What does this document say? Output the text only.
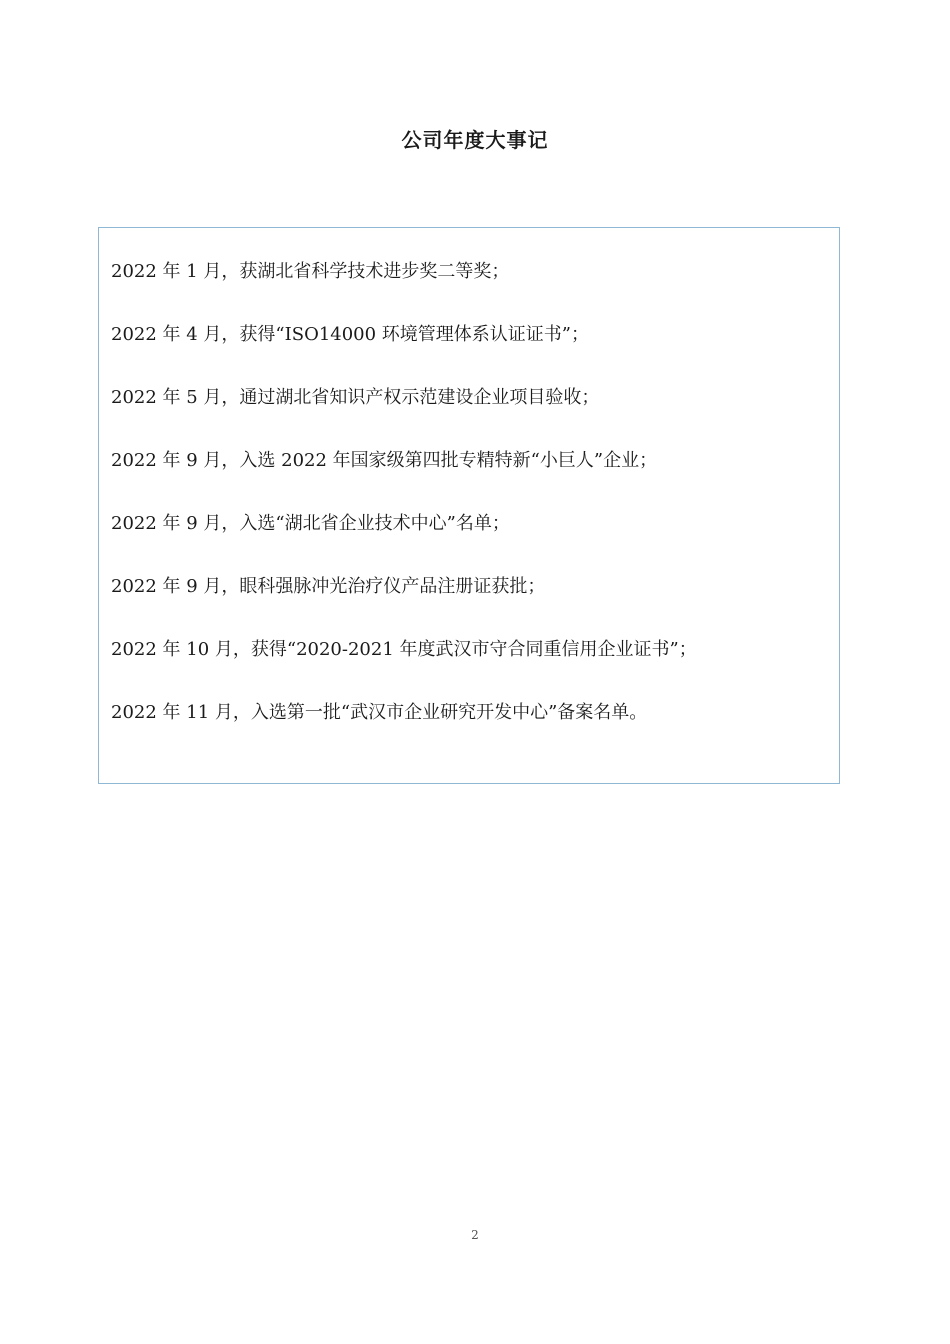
公司年度大事记
2022 年 1 月，获湖北省科学技术进步奖二等奖；
2022 年 4 月，获得“ISO14000 环境管理体系认证证书”；
2022 年 5 月，通过湖北省知识产权示范建设企业项目验收；
2022 年 9 月，入选 2022 年国家级第四批专精特新“小巨人”企业；
2022 年 9 月，入选“湖北省企业技术中心”名单；
2022 年 9 月，眼科强脉冲光治疗仪产品注册证获批；
2022 年 10 月，获得“2020-2021 年度武汉市守合同重信用企业证书”；
2022 年 11 月，入选第一批“武汉市企业研究开发中心”备案名单。
2
